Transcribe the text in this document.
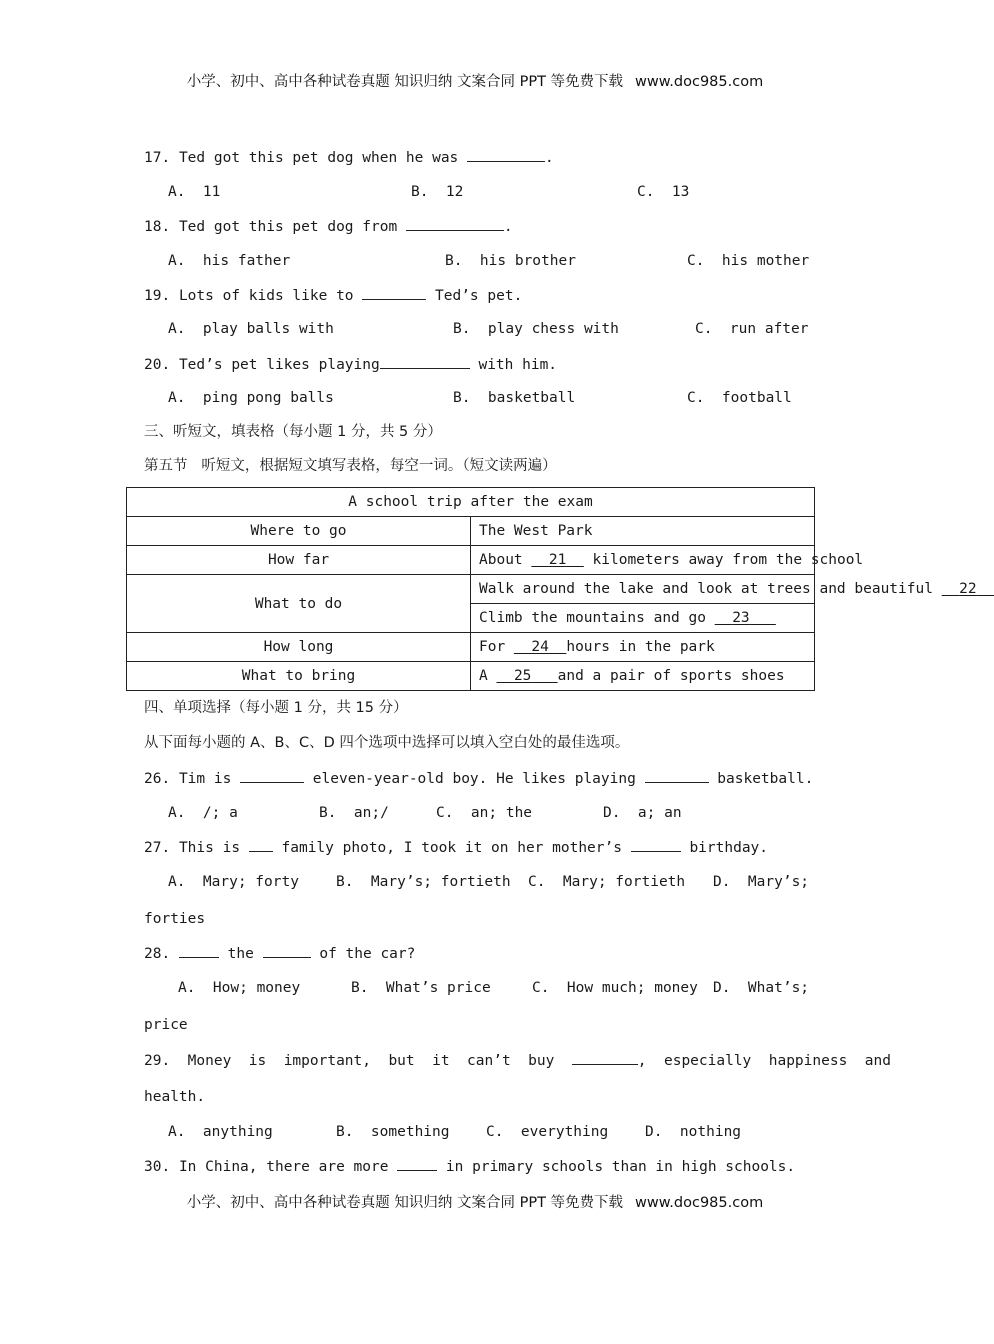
小学、初中、高中各种试卷真题 知识归纳 文案合同 PPT 等免费下载 www.doc985.com
17. Ted got this pet dog when he was	.

A.  11

	B.  12

	C.  13

18. Ted got this pet dog from	.

A.  his father

	B.  his brother

	C.  his mother

19. Lots of kids like to	Ted’s pet.

A.  play balls with

	B.  play chess with

	C.  run after

20. Ted’s pet likes playing	with him.

A.  ping pong balls

	B.  basketball

	C.  football

三、听短文，填表格（每小题 1 分，共 5 分）
第五节   听短文，根据短文填写表格，每空一词。（短文读两遍）
A school trip after the exam	
Where to go	The West Park
How far	About 21 kilometers away from the school
What to do	Walk around the lake and look at trees and beautiful 22
	Climb the mountains and go 23
How long	For 24 hours in the park
What to bring	A 25 and a pair of sports shoes
四、单项选择（每小题 1 分，共 15 分）
从下面每小题的 A、B、C、D 四个选项中选择可以填入空白处的最佳选项。
26. Tim is	eleven-year-old boy. He likes playing	basketball.

A.  /; a

	B.  an;/

	C.  an; the

	D.  a; an

27. This is	family photo, I took it on her mother’s	birthday.

A.  Mary; forty

	B.  Mary’s; fortieth

C.  Mary; fortieth

D.  Mary’s;

forties
28.	the	of the car?

A.  How; money

	B.  What’s price

	C.  How much; money

D.  What’s;

price
29. Money  is  important,  but  it  can’t  buy	,  especially  happiness  and
health.

A.  anything

	B.  something

	C.  everything

	D.  nothing

30. In China, there are more	in primary schools than in high schools.
小学、初中、高中各种试卷真题 知识归纳 文案合同 PPT 等免费下载 www.doc985.com
